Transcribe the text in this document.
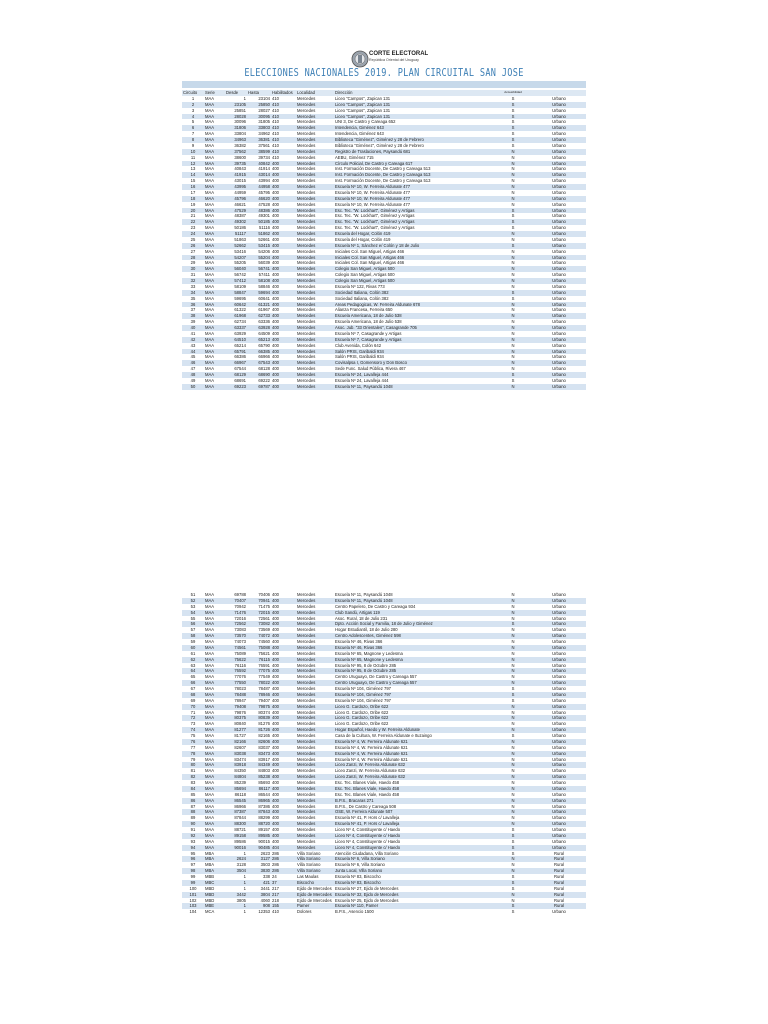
CORTE ELECTORAL
República Oriental del Uruguay
ELECCIONES NACIONALES 2019. PLAN CIRCUITAL SAN JOSE
Circuito	Serie	Desde	Hasta	Habilitados	Localidad	Dirección	Accesibilidad	
1	MAA	1	23104	410	Mercedes	Liceo "Campos", Zapican 131	S	Urbano
2	MAA	23105	25850	410	Mercedes	Liceo "Campos", Zapican 131	S	Urbano
3	MAA	25851	28027	410	Mercedes	Liceo "Campos", Zapican 131	S	Urbano
4	MAA	28028	30095	410	Mercedes	Liceo "Campos", Zapican 131	S	Urbano
5	MAA	30096	31805	410	Mercedes	UNI 3, De Castro y Careaga 652	S	Urbano
6	MAA	31806	33803	410	Mercedes	Intendencia, Giménez 643	S	Urbano
7	MAA	33804	34962	410	Mercedes	Intendencia, Giménez 643	S	Urbano
8	MAA	34963	36381	410	Mercedes	Biblioteca "Giménez", Giménez y 28 de Febrero	S	Urbano
9	MAA	36382	37561	410	Mercedes	Biblioteca "Giménez", Giménez y 28 de Febrero	S	Urbano
10	MAA	37562	38599	410	Mercedes	Registro de Traslaciones, Paysandú 681	N	Urbano
11	MAA	38600	39734	410	Mercedes	AEBU, Giménez 715	N	Urbano
12	MAA	39735	40842	400	Mercedes	Círculo Policial, De Castro y Careaga 617	N	Urbano
13	MAA	40843	41914	400	Mercedes	Inst. Formación Docente, De Castro y Careaga 513	N	Urbano
14	MAA	41915	43014	400	Mercedes	Inst. Formación Docente, De Castro y Careaga 513	N	Urbano
15	MAA	43015	43994	400	Mercedes	Inst. Formación Docente, De Castro y Careaga 513	N	Urbano
16	MAA	43995	44958	400	Mercedes	Escuela Nº 10, W. Ferreira Aldunate 477	N	Urbano
17	MAA	44959	45795	400	Mercedes	Escuela Nº 10, W. Ferreira Aldunate 477	N	Urbano
18	MAA	45796	46620	400	Mercedes	Escuela Nº 10, W. Ferreira Aldunate 477	N	Urbano
19	MAA	46621	47528	400	Mercedes	Escuela Nº 10, W. Ferreira Aldunate 477	N	Urbano
20	MAA	47529	48386	400	Mercedes	Esc. Tec. "W. Lockhart", Giménez y Artigas	S	Urbano
21	MAA	48387	49301	400	Mercedes	Esc. Tec. "W. Lockhart", Giménez y Artigas	S	Urbano
22	MAA	49302	50185	400	Mercedes	Esc. Tec. "W. Lockhart", Giménez y Artigas	S	Urbano
23	MAA	50186	51116	400	Mercedes	Esc. Tec. "W. Lockhart", Giménez y Artigas	S	Urbano
24	MAA	51117	51862	400	Mercedes	Escuela del Hogar, Colón 419	N	Urbano
25	MAA	51863	52661	400	Mercedes	Escuela del Hogar, Colón 419	N	Urbano
26	MAA	52662	53415	400	Mercedes	Escuela Nº 1, Sánchez e/ Colón y 18 de Julio	S	Urbano
27	MAA	53416	54206	400	Mercedes	Iniciales Col. San Miguel, Artigas 466	N	Urbano
28	MAA	54207	55204	400	Mercedes	Iniciales Col. San Miguel, Artigas 466	N	Urbano
29	MAA	55205	56039	400	Mercedes	Iniciales Col. San Miguel, Artigas 466	N	Urbano
30	MAA	56040	56741	400	Mercedes	Colegio San Miguel, Artigas 500	N	Urbano
31	MAA	56742	57411	400	Mercedes	Colegio San Miguel, Artigas 500	N	Urbano
32	MAA	57412	58108	400	Mercedes	Colegio San Miguel, Artigas 500	N	Urbano
33	MAA	58109	58846	400	Mercedes	Escuela Nº 122, Rivas 773	N	Urbano
34	MAA	58847	59694	400	Mercedes	Sociedad Italiana, Colón 382	S	Urbano
35	MAA	59695	60641	400	Mercedes	Sociedad Italiana, Colón 382	S	Urbano
36	MAA	60642	61321	400	Mercedes	Areas Pedagogicas, W. Ferreira Aldunate 678	N	Urbano
37	MAA	61322	61967	400	Mercedes	Alianza Francesa, Ferreira 650	N	Urbano
38	MAA	61968	62733	400	Mercedes	Escuela Americana, 18 de Julio 538	N	Urbano
39	MAA	62734	63336	400	Mercedes	Escuela Americana, 18 de Julio 538	N	Urbano
40	MAA	63337	63928	400	Mercedes	Asoc. Jub. "33 Orientales", Casagrande 705	N	Urbano
41	MAA	63929	64509	400	Mercedes	Escuela Nº 7, Casagrande y Artigas	N	Urbano
42	MAA	64510	65213	400	Mercedes	Escuela Nº 7, Casagrande y Artigas	N	Urbano
43	MAA	65214	65790	400	Mercedes	Club Avenida, Colón 642	N	Urbano
44	MAA	65791	66385	400	Mercedes	Salón PRIS, Garibaldi 934	N	Urbano
45	MAA	66386	66966	400	Mercedes	Salón PRIS, Garibaldi 934	N	Urbano
46	MAA	66967	67543	400	Mercedes	Covisalpsa I, Gomensoro y Don Bosco	N	Urbano
47	MAA	67544	68128	400	Mercedes	Sede Func. Salud Pública, Rivera 467	N	Urbano
48	MAA	68129	68690	400	Mercedes	Escuela Nº 24, Lavalleja 444	S	Urbano
49	MAA	68691	69222	400	Mercedes	Escuela Nº 24, Lavalleja 444	S	Urbano
50	MAA	69223	69787	400	Mercedes	Escuela Nº 11, Paysandú 1048	N	Urbano
51	MAA	69788	70406	400	Mercedes	Escuela Nº 11, Paysandú 1048	N	Urbano
52	MAA	70407	70941	400	Mercedes	Escuela Nº 11, Paysandú 1048	N	Urbano
53	MAA	70942	71475	400	Mercedes	Centro Papelero, De Castro y Careaga 934	N	Urbano
54	MAA	71476	72015	400	Mercedes	Club Sandú, Artigas 119	N	Urbano
55	MAA	72016	72561	400	Mercedes	Asoc. Rural, 18 de Julio 231	N	Urbano
56	MAA	72562	73082	400	Mercedes	Dpto. Acción Social y Familia, 18 de Julio y Giménez	S	Urbano
57	MAA	73083	73569	400	Mercedes	Hogar Estudiantil, 18 de Julio 280	N	Urbano
58	MAA	73570	74072	400	Mercedes	Centro Adolescentes, Giménez 598	N	Urbano
59	MAA	74073	74560	400	Mercedes	Escuela Nº 46, Rivas 366	N	Urbano
60	MAA	74561	75088	400	Mercedes	Escuela Nº 46, Rivas 366	N	Urbano
61	MAA	75089	75621	400	Mercedes	Escuela Nº 65, Magnone y Ledesma	N	Urbano
62	MAA	75622	76115	400	Mercedes	Escuela Nº 65, Magnone y Ledesma	N	Urbano
63	MAA	76116	76591	400	Mercedes	Escuela Nº 95, 8 de Octubre 285	N	Urbano
64	MAA	76592	77075	400	Mercedes	Escuela Nº 95, 8 de Octubre 285	N	Urbano
65	MAA	77076	77549	400	Mercedes	Centro Uruguayo, De Castro y Careaga 557	N	Urbano
66	MAA	77550	78022	400	Mercedes	Centro Uruguayo, De Castro y Careaga 557	N	Urbano
67	MAA	78023	78487	400	Mercedes	Escuela Nº 104, Giménez 797	S	Urbano
68	MAA	78488	78946	400	Mercedes	Escuela Nº 104, Giménez 797	S	Urbano
69	MAA	78947	79407	400	Mercedes	Escuela Nº 104, Giménez 797	S	Urbano
70	MAA	79408	79875	400	Mercedes	Liceo G. Cardozo, Oribe 622	N	Urbano
71	MAA	79876	80374	400	Mercedes	Liceo G. Cardozo, Oribe 622	N	Urbano
72	MAA	80375	80839	400	Mercedes	Liceo G. Cardozo, Oribe 622	N	Urbano
73	MAA	80840	81276	400	Mercedes	Liceo G. Cardozo, Oribe 622	N	Urbano
74	MAA	81277	81726	400	Mercedes	Hogar Español, Haedo y W. Ferreira Aldunate	N	Urbano
75	MAA	81727	82165	400	Mercedes	Casa de la Cultura, W. Ferreira Aldunate e Ituzaingo	S	Urbano
76	MAA	82166	82606	400	Mercedes	Escuela Nº 4, W. Ferreira Aldunate 621	N	Urbano
77	MAA	82607	83037	400	Mercedes	Escuela Nº 4, W. Ferreira Aldunate 621	N	Urbano
78	MAA	83038	83473	400	Mercedes	Escuela Nº 4, W. Ferreira Aldunate 621	N	Urbano
79	MAA	83474	83917	400	Mercedes	Escuela Nº 4, W. Ferreira Aldunate 621	N	Urbano
80	MAA	83918	84349	400	Mercedes	Liceo Zanzi, W. Ferreira Aldunate 632	N	Urbano
81	MAA	84350	84803	400	Mercedes	Liceo Zanzi, W. Ferreira Aldunate 632	N	Urbano
82	MAA	84804	85238	400	Mercedes	Liceo Zanzi, W. Ferreira Aldunate 632	N	Urbano
83	MAA	85239	85693	400	Mercedes	Esc. Tec. Blanes Viale, Haedo 458	N	Urbano
84	MAA	85694	86117	400	Mercedes	Esc. Tec. Blanes Viale, Haedo 458	N	Urbano
85	MAA	86118	86544	400	Mercedes	Esc. Tec. Blanes Viale, Haedo 458	N	Urbano
86	MAA	86545	86965	400	Mercedes	B.P.S., Bracaras 271	N	Urbano
87	MAA	86966	87386	400	Mercedes	B.P.S., De Castro y Careaga 508	N	Urbano
88	MAA	87387	87843	400	Mercedes	OSE, W. Ferreira Aldunate 507	N	Urbano
89	MAA	87844	88299	400	Mercedes	Escuela Nº 41, P. Hors c/ Lavalleja	N	Urbano
90	MAA	88300	88720	400	Mercedes	Escuela Nº 41, P. Hors c/ Lavalleja	N	Urbano
91	MAA	88721	89157	400	Mercedes	Liceo Nº 4, Constituyente c/ Haedo	S	Urbano
92	MAA	89158	89585	400	Mercedes	Liceo Nº 4, Constituyente c/ Haedo	S	Urbano
93	MAA	89586	90015	400	Mercedes	Liceo Nº 4, Constituyente c/ Haedo	S	Urbano
94	MAA	90016	90485	404	Mercedes	Liceo Nº 4, Constituyente c/ Haedo	S	Urbano
95	MBA	1	2623	286	Villa Soriano	Atención Ciudadana, Villa Soriano	S	Rural
96	MBA	2624	3127	286	Villa Soriano	Escuela Nº 6, Villa Soriano	N	Rural
97	MBA	3128	3503	286	Villa Soriano	Escuela Nº 6, Villa Soriano	N	Rural
98	MBA	3504	3830	286	Villa Soriano	Junta Local, Villa Soriano	N	Rural
99	MBB	1	338	24	Las Maulas	Escuela Nº 83, Biscocho	S	Rural
99	MBC	1	421	37	Biscocho	Escuela Nº 83, Biscocho	S	Rural
100	MBD	1	3441	217	Ejido de Mercedes	Escuela Nº 27, Ejido de Mercedes	S	Rural
101	MBD	3442	3804	217	Ejido de Mercedes	Escuela Nº 32, Ejido de Mercedes	N	Rural
102	MBD	3805	4060	218	Ejido de Mercedes	Escuela Nº 25, Ejido de Mercedes	N	Rural
103	MBE	1	908	155	Pamer	Escuela Nº 110, Pamer	S	Rural
104	MCA	1	12353	410	Dolores	B.P.S., Asencio 1500	S	Urbano
